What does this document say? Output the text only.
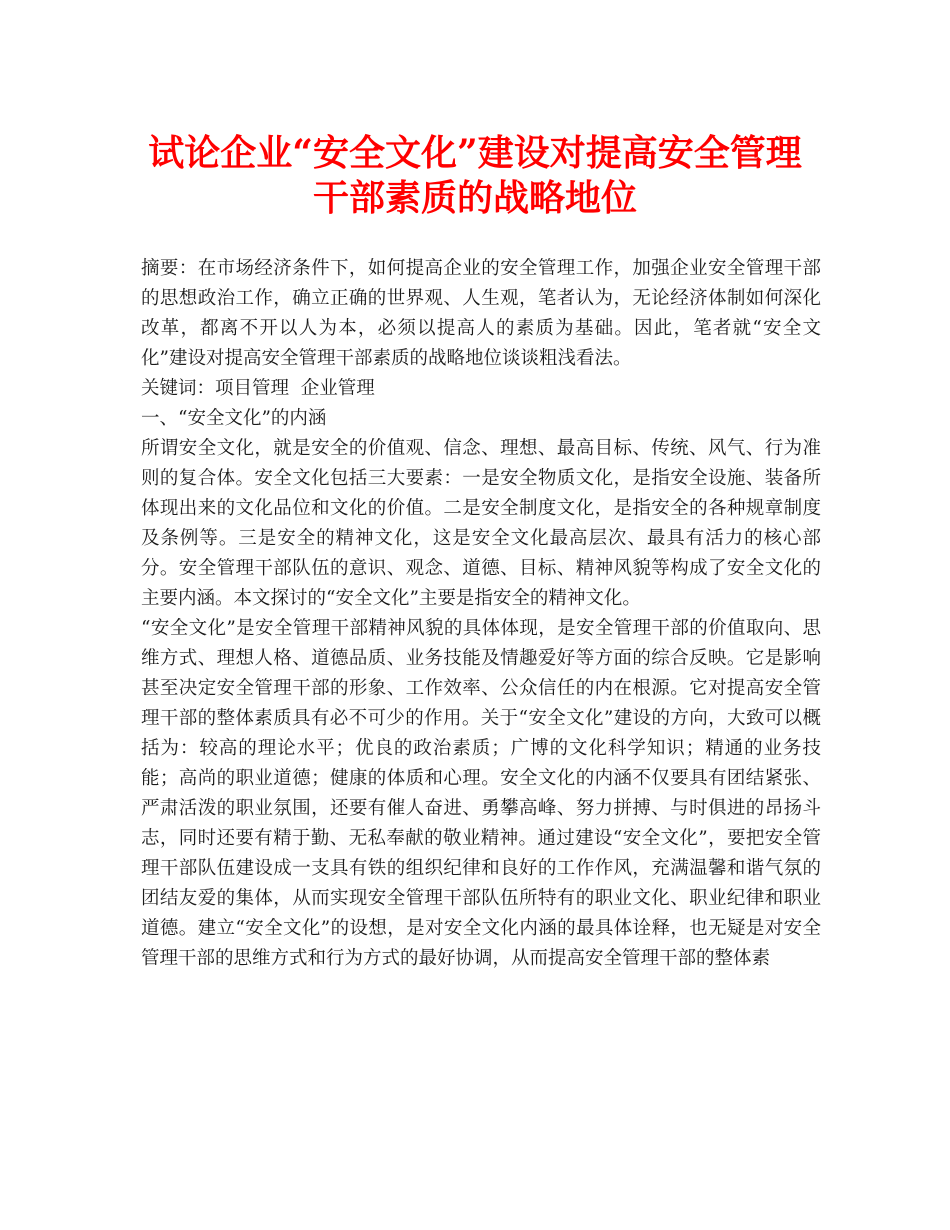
试论企业“安全文化”建设对提高安全管理
干部素质的战略地位

摘要：在市场经济条件下，如何提高企业的安全管理工作，加强企业安全管理干部的思想政治工作，确立正确的世界观、人生观，笔者认为，无论经济体制如何深化改革，都离不开以人为本，必须以提高人的素质为基础。因此，笔者就“安全文化”建设对提高安全管理干部素质的战略地位谈谈粗浅看法。

关键词：项目管理  企业管理

一、“安全文化”的内涵

所谓安全文化，就是安全的价值观、信念、理想、最高目标、传统、风气、行为准则的复合体。安全文化包括三大要素：一是安全物质文化，是指安全设施、装备所体现出来的文化品位和文化的价值。二是安全制度文化，是指安全的各种规章制度及条例等。三是安全的精神文化，这是安全文化最高层次、最具有活力的核心部分。安全管理干部队伍的意识、观念、道德、目标、精神风貌等构成了安全文化的主要内涵。本文探讨的“安全文化”主要是指安全的精神文化。

“安全文化”是安全管理干部精神风貌的具体体现，是安全管理干部的价值取向、思维方式、理想人格、道德品质、业务技能及情趣爱好等方面的综合反映。它是影响甚至决定安全管理干部的形象、工作效率、公众信任的内在根源。它对提高安全管理干部的整体素质具有必不可少的作用。关于“安全文化”建设的方向，大致可以概括为：较高的理论水平；优良的政治素质；广博的文化科学知识；精通的业务技能；高尚的职业道德；健康的体质和心理。安全文化的内涵不仅要具有团结紧张、严肃活泼的职业氛围，还要有催人奋进、勇攀高峰、努力拼搏、与时俱进的昂扬斗志，同时还要有精于勤、无私奉献的敬业精神。通过建设“安全文化”，要把安全管理干部队伍建设成一支具有铁的组织纪律和良好的工作作风，充满温馨和谐气氛的团结友爱的集体，从而实现安全管理干部队伍所特有的职业文化、职业纪律和职业道德。建立“安全文化”的设想，是对安全文化内涵的最具体诠释，也无疑是对安全管理干部的思维方式和行为方式的最好协调，从而提高安全管理干部的整体素
